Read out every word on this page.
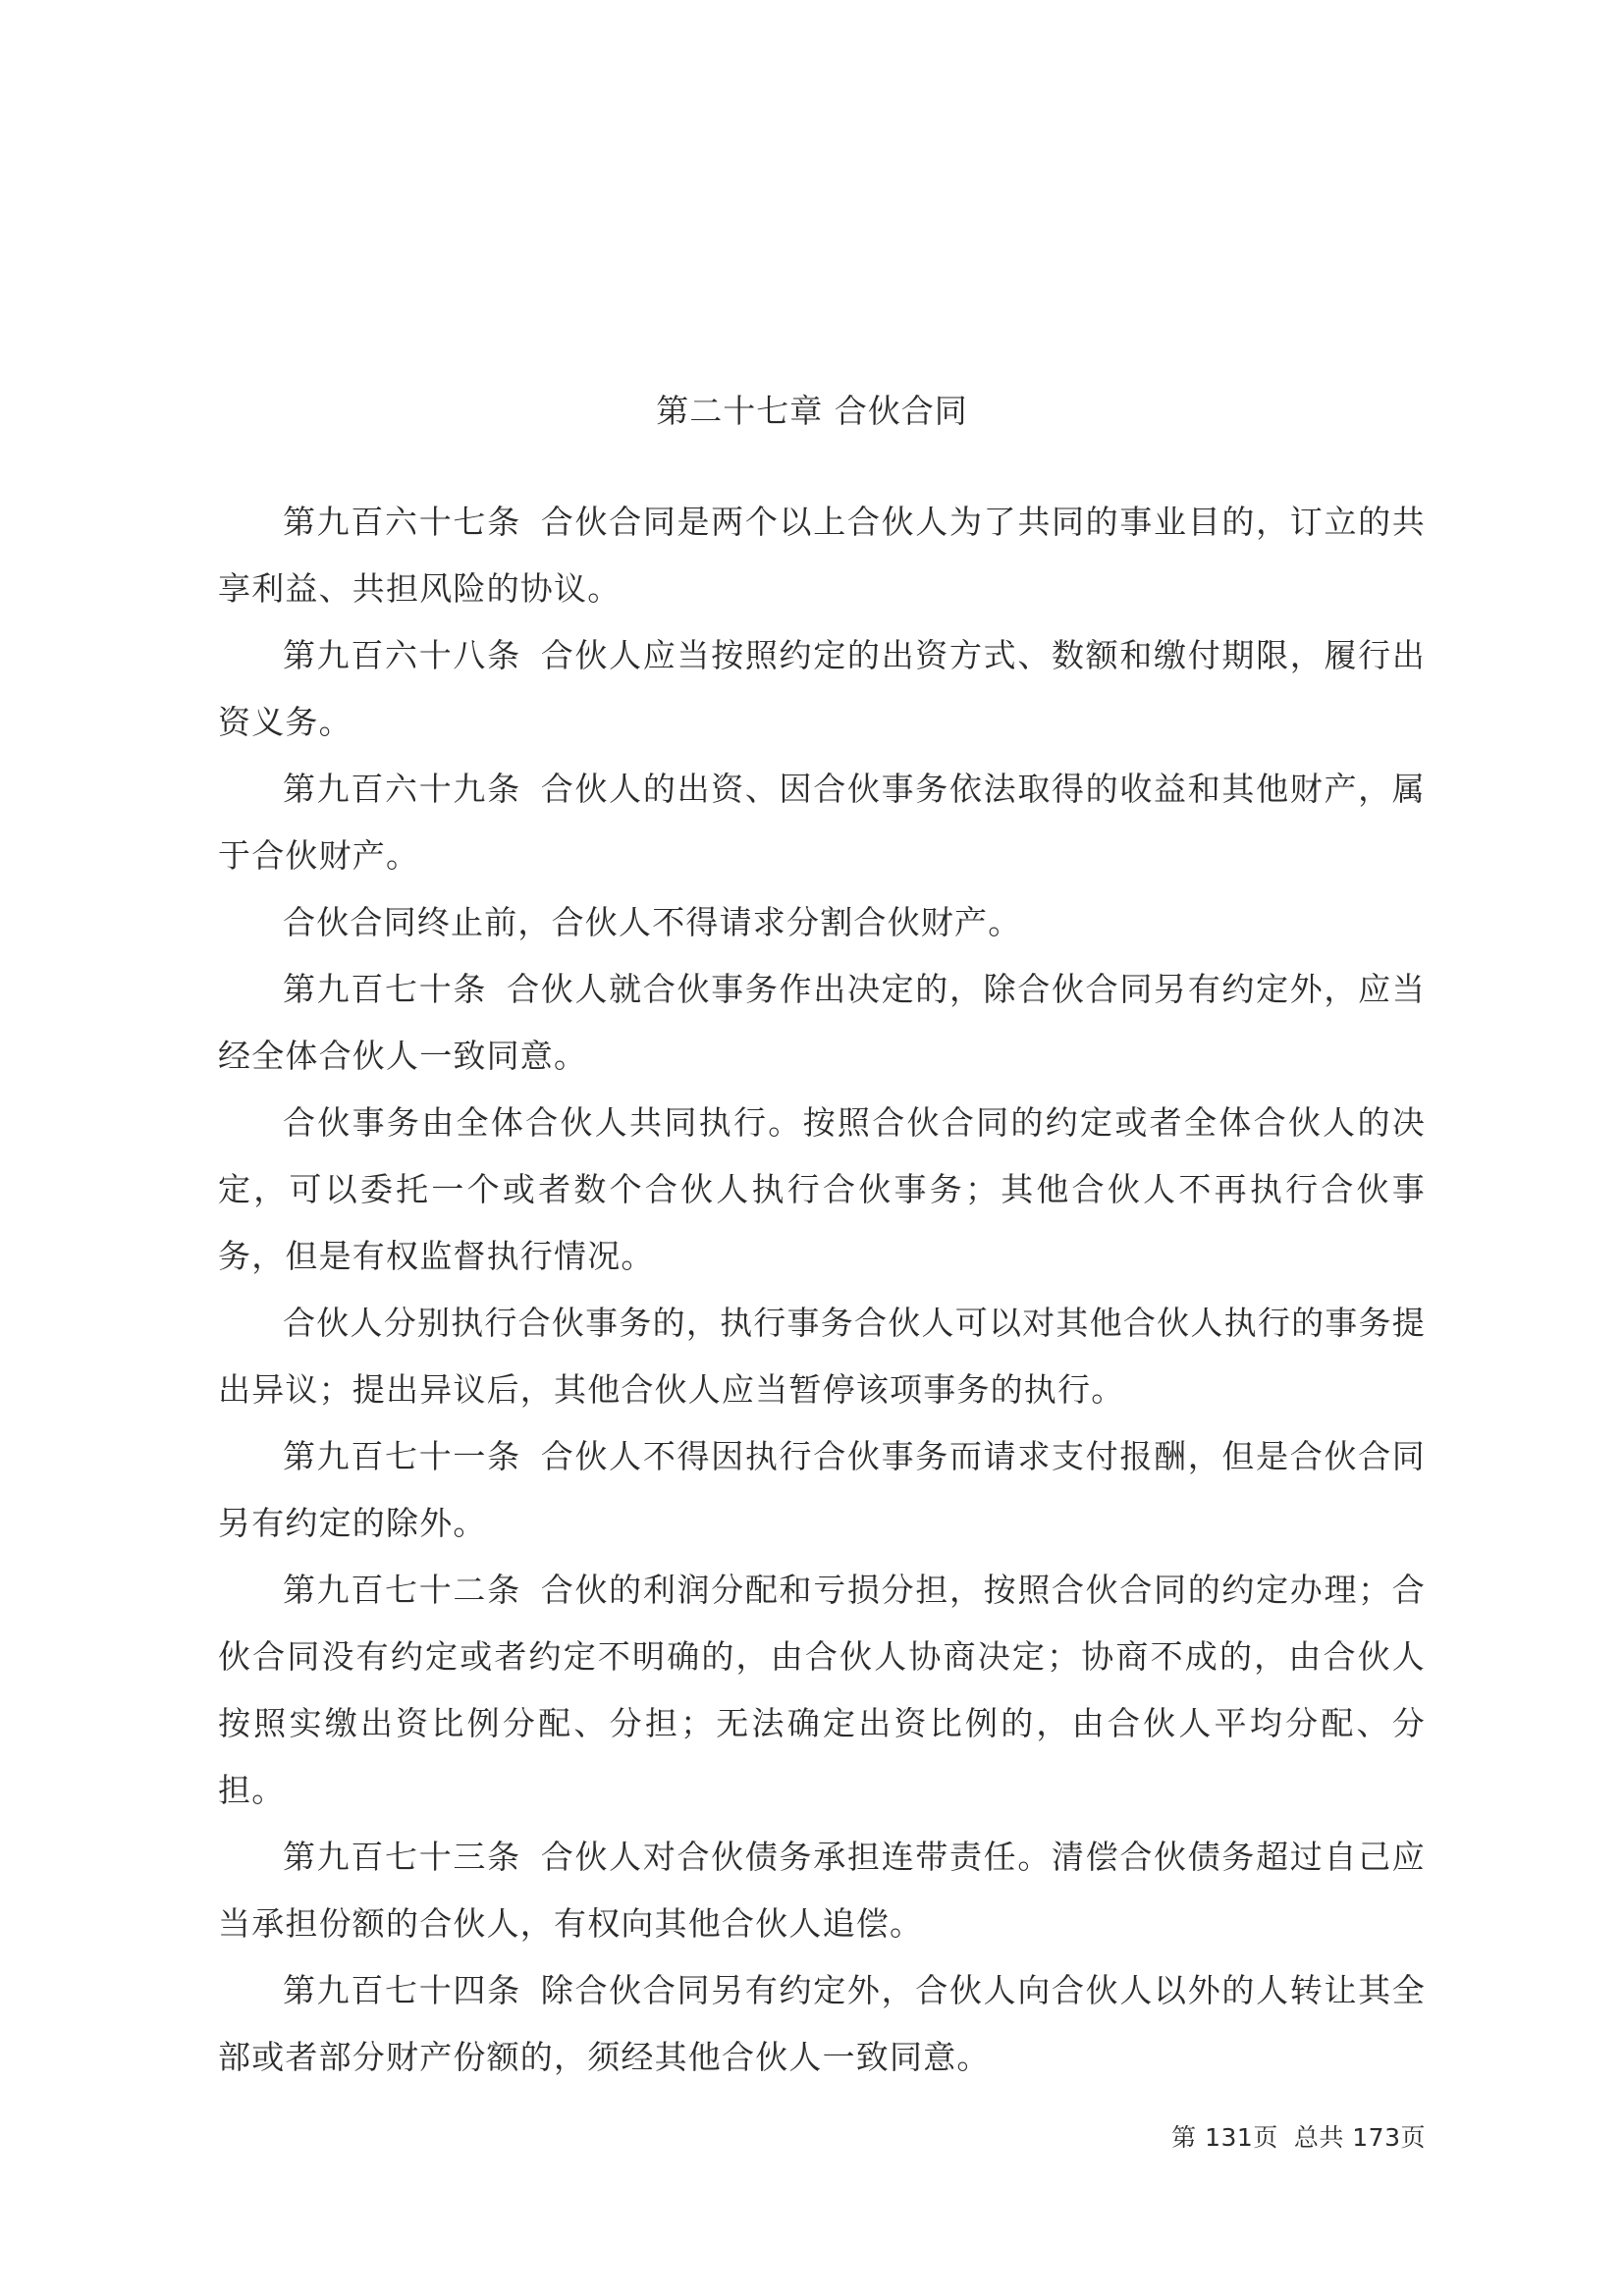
第二十七章 合伙合同

第九百六十七条 合伙合同是两个以上合伙人为了共同的事业目的，订立的共享利益、共担风险的协议。

第九百六十八条 合伙人应当按照约定的出资方式、数额和缴付期限，履行出资义务。

第九百六十九条 合伙人的出资、因合伙事务依法取得的收益和其他财产，属于合伙财产。

合伙合同终止前，合伙人不得请求分割合伙财产。

第九百七十条 合伙人就合伙事务作出决定的，除合伙合同另有约定外，应当经全体合伙人一致同意。

合伙事务由全体合伙人共同执行。按照合伙合同的约定或者全体合伙人的决定，可以委托一个或者数个合伙人执行合伙事务；其他合伙人不再执行合伙事务，但是有权监督执行情况。

合伙人分别执行合伙事务的，执行事务合伙人可以对其他合伙人执行的事务提出异议；提出异议后，其他合伙人应当暂停该项事务的执行。

第九百七十一条 合伙人不得因执行合伙事务而请求支付报酬，但是合伙合同另有约定的除外。

第九百七十二条 合伙的利润分配和亏损分担，按照合伙合同的约定办理；合伙合同没有约定或者约定不明确的，由合伙人协商决定；协商不成的，由合伙人按照实缴出资比例分配、分担；无法确定出资比例的，由合伙人平均分配、分担。

第九百七十三条 合伙人对合伙债务承担连带责任。清偿合伙债务超过自己应当承担份额的合伙人，有权向其他合伙人追偿。

第九百七十四条 除合伙合同另有约定外，合伙人向合伙人以外的人转让其全部或者部分财产份额的，须经其他合伙人一致同意。

第 131页 总共 173页
